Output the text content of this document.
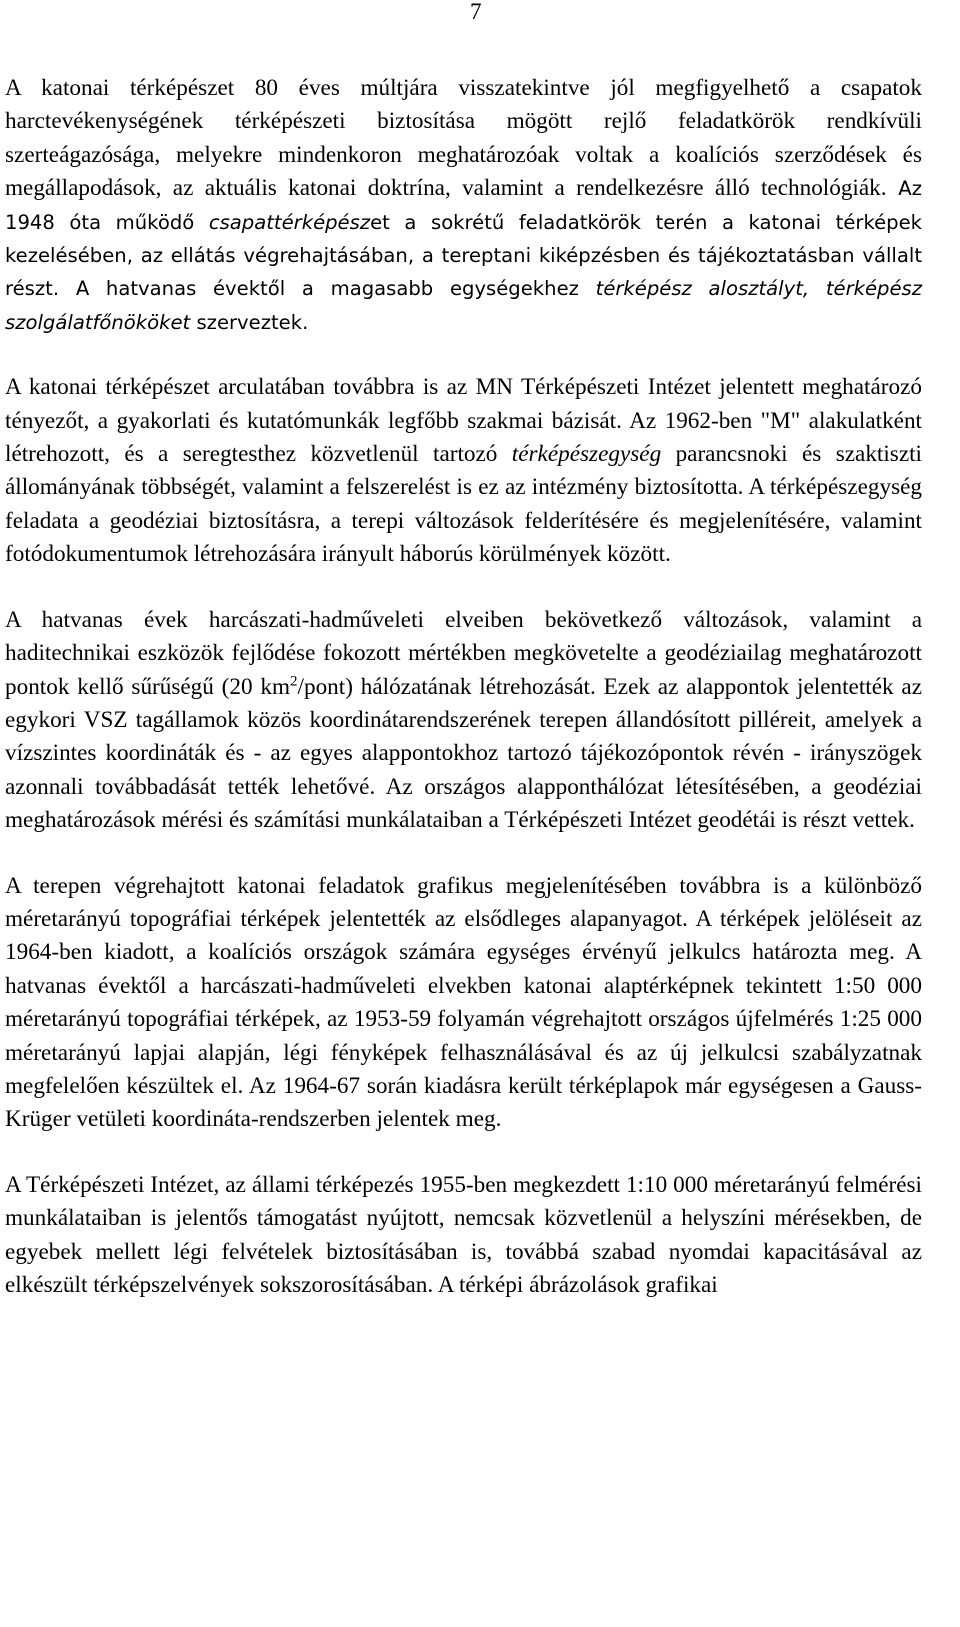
7

A katonai térképészet 80 éves múltjára visszatekintve jól megfigyelhető a csapatok harctevékenységének térképészeti biztosítása mögött rejlő feladatkörök rendkívüli szerteágazósága, melyekre mindenkoron meghatározóak voltak a koalíciós szerződések és megállapodások, az aktuális katonai doktrína, valamint a rendelkezésre álló technológiák. Az 1948 óta működő csapattérképészet a sokrétű feladatkörök terén a katonai térképek kezelésében, az ellátás végrehajtásában, a tereptani kiképzésben és tájékoztatásban vállalt részt. A hatvanas évektől a magasabb egységekhez térképész alosztályt, térképész szolgálatfőnököket szerveztek.

A katonai térképészet arculatában továbbra is az MN Térképészeti Intézet jelentett meghatározó tényezőt, a gyakorlati és kutatómunkák legfőbb szakmai bázisát. Az 1962-ben "M" alakulatként létrehozott, és a seregtesthez közvetlenül tartozó térképészegység parancsnoki és szaktiszti állományának többségét, valamint a felszerelést is ez az intézmény biztosította. A térképészegység feladata a geodéziai biztosításra, a terepi változások felderítésére és megjelenítésére, valamint fotódokumentumok létrehozására irányult háborús körülmények között.

A hatvanas évek harcászati-hadműveleti elveiben bekövetkező változások, valamint a haditechnikai eszközök fejlődése fokozott mértékben megkövetelte a geodéziailag meghatározott pontok kellő sűrűségű (20 $km^2/pont$) hálózatának létrehozását. Ezek az alappontok jelentették az egykori VSZ tagállamok közös koordinátarendszerének terepen állandósított pilléreit, amelyek a vízszintes koordináták és - az egyes alappontokhoz tartozó tájékozópontok révén - irányszögek azonnali továbbadását tették lehetővé. Az országos alapponthálózat létesítésében, a geodéziai meghatározások mérési és számítási munkálataiban a Térképészeti Intézet geodétái is részt vettek.

A terepen végrehajtott katonai feladatok grafikus megjelenítésében továbbra is a különböző méretarányú topográfiai térképek jelentették az elsődleges alapanyagot. A térképek jelöléseit az 1964-ben kiadott, a koalíciós országok számára egységes érvényű jelkulcs határozta meg. A hatvanas évektől a harcászati-hadműveleti elvekben katonai alaptérképnek tekintett 1:50 000 méretarányú topográfiai térképek, az 1953-59 folyamán végrehajtott országos újfelmérés 1:25 000 méretarányú lapjai alapján, légi fényképek felhasználásával és az új jelkulcsi szabályzatnak megfelelően készültek el. Az 1964-67 során kiadásra került térképlapok már egységesen a Gauss-Krüger vetületi koordináta-rendszerben jelentek meg.

A Térképészeti Intézet, az állami térképezés 1955-ben megkezdett 1:10 000 méretarányú felmérési munkálataiban is jelentős támogatást nyújtott, nemcsak közvetlenül a helyszíni mérésekben, de egyebek mellett légi felvételek biztosításában is, továbbá szabad nyomdai kapacitásával az elkészült térképszelvények sokszorosításában. A térképi ábrázolások grafikai
